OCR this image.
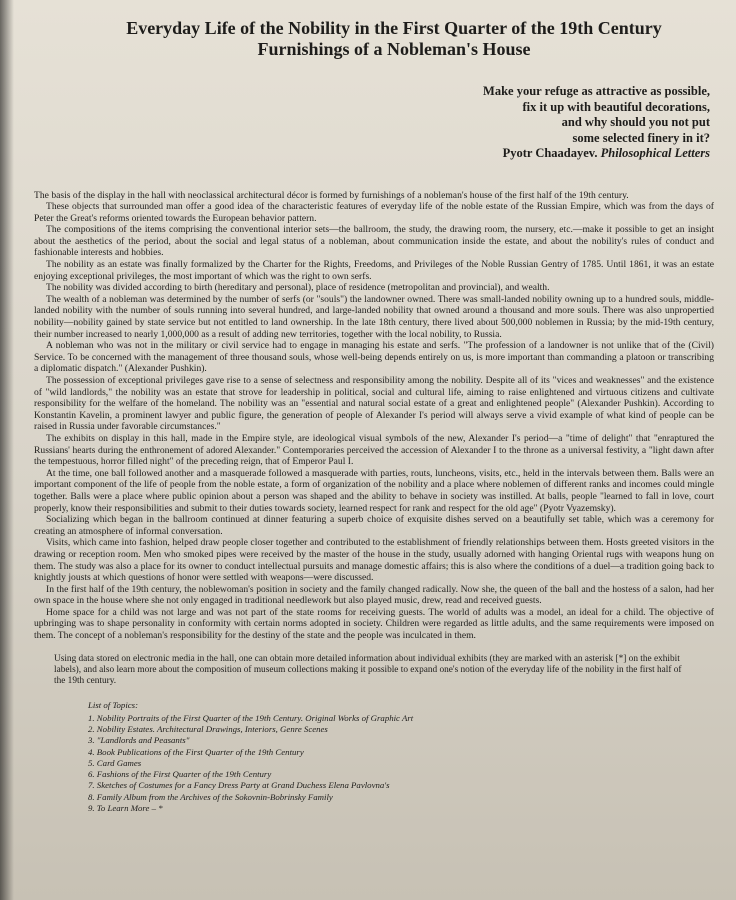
Everyday Life of the Nobility in the First Quarter of the 19th Century
Furnishings of a Nobleman's House
Make your refuge as attractive as possible,
fix it up with beautiful decorations,
and why should you not put
some selected finery in it?
Pyotr Chaadayev. Philosophical Letters

The basis of the display in the hall with neoclassical architectural décor is formed by furnishings of a nobleman's house of the first half of the 19th century.

These objects that surrounded man offer a good idea of the characteristic features of everyday life of the noble estate of the Russian Empire, which was from the days of Peter the Great's reforms oriented towards the European behavior pattern.

The compositions of the items comprising the conventional interior sets—the ballroom, the study, the drawing room, the nursery, etc.—make it possible to get an insight about the aesthetics of the period, about the social and legal status of a nobleman, about communication inside the estate, and about the nobility's rules of conduct and fashionable interests and hobbies.

The nobility as an estate was finally formalized by the Charter for the Rights, Freedoms, and Privileges of the Noble Russian Gentry of 1785. Until 1861, it was an estate enjoying exceptional privileges, the most important of which was the right to own serfs.

The nobility was divided according to birth (hereditary and personal), place of residence (metropolitan and provincial), and wealth.

The wealth of a nobleman was determined by the number of serfs (or "souls") the landowner owned. There was small-landed nobility owning up to a hundred souls, middle-landed nobility with the number of souls running into several hundred, and large-landed nobility that owned around a thousand and more souls. There was also unpropertied nobility—nobility gained by state service but not entitled to land ownership. In the late 18th century, there lived about 500,000 noblemen in Russia; by the mid-19th century, their number increased to nearly 1,000,000 as a result of adding new territories, together with the local nobility, to Russia.

A nobleman who was not in the military or civil service had to engage in managing his estate and serfs. "The profession of a landowner is not unlike that of the (Civil) Service. To be concerned with the management of three thousand souls, whose well-being depends entirely on us, is more important than commanding a platoon or transcribing a diplomatic dispatch." (Alexander Pushkin).

The possession of exceptional privileges gave rise to a sense of selectness and responsibility among the nobility. Despite all of its "vices and weaknesses" and the existence of "wild landlords," the nobility was an estate that strove for leadership in political, social and cultural life, aiming to raise enlightened and virtuous citizens and cultivate responsibility for the welfare of the homeland. The nobility was an "essential and natural social estate of a great and enlightened people" (Alexander Pushkin). According to Konstantin Kavelin, a prominent lawyer and public figure, the generation of people of Alexander I's period will always serve a vivid example of what kind of people can be raised in Russia under favorable circumstances."

The exhibits on display in this hall, made in the Empire style, are ideological visual symbols of the new, Alexander I's period—a "time of delight" that "enraptured the Russians' hearts during the enthronement of adored Alexander." Contemporaries perceived the accession of Alexander I to the throne as a universal festivity, a "light dawn after the tempestuous, horror filled night" of the preceding reign, that of Emperor Paul I.

At the time, one ball followed another and a masquerade followed a masquerade with parties, routs, luncheons, visits, etc., held in the intervals between them. Balls were an important component of the life of people from the noble estate, a form of organization of the nobility and a place where noblemen of different ranks and incomes could mingle together. Balls were a place where public opinion about a person was shaped and the ability to behave in society was instilled. At balls, people "learned to fall in love, court properly, know their responsibilities and submit to their duties towards society, learned respect for rank and respect for the old age" (Pyotr Vyazemsky).

Socializing which began in the ballroom continued at dinner featuring a superb choice of exquisite dishes served on a beautifully set table, which was a ceremony for creating an atmosphere of informal conversation.

Visits, which came into fashion, helped draw people closer together and contributed to the establishment of friendly relationships between them. Hosts greeted visitors in the drawing or reception room. Men who smoked pipes were received by the master of the house in the study, usually adorned with hanging Oriental rugs with weapons hung on them. The study was also a place for its owner to conduct intellectual pursuits and manage domestic affairs; this is also where the conditions of a duel—a tradition going back to knightly jousts at which questions of honor were settled with weapons—were discussed.

In the first half of the 19th century, the noblewoman's position in society and the family changed radically. Now she, the queen of the ball and the hostess of a salon, had her own space in the house where she not only engaged in traditional needlework but also played music, drew, read and received guests.

Home space for a child was not large and was not part of the state rooms for receiving guests. The world of adults was a model, an ideal for a child. The objective of upbringing was to shape personality in conformity with certain norms adopted in society. Children were regarded as little adults, and the same requirements were imposed on them. The concept of a nobleman's responsibility for the destiny of the state and the people was inculcated in them.

Using data stored on electronic media in the hall, one can obtain more detailed information about individual exhibits (they are marked with an asterisk [*] on the exhibit labels), and also learn more about the composition of museum collections making it possible to expand one's notion of the everyday life of the nobility in the first half of the 19th century.
List of Topics:
1. Nobility Portraits of the First Quarter of the 19th Century. Original Works of Graphic Art
2. Nobility Estates. Architectural Drawings, Interiors, Genre Scenes
3. "Landlords and Peasants"
4. Book Publications of the First Quarter of the 19th Century
5. Card Games
6. Fashions of the First Quarter of the 19th Century
7. Sketches of Costumes for a Fancy Dress Party at Grand Duchess Elena Pavlovna's
8. Family Album from the Archives of the Sokovnin-Bobrinsky Family
9. To Learn More – *
